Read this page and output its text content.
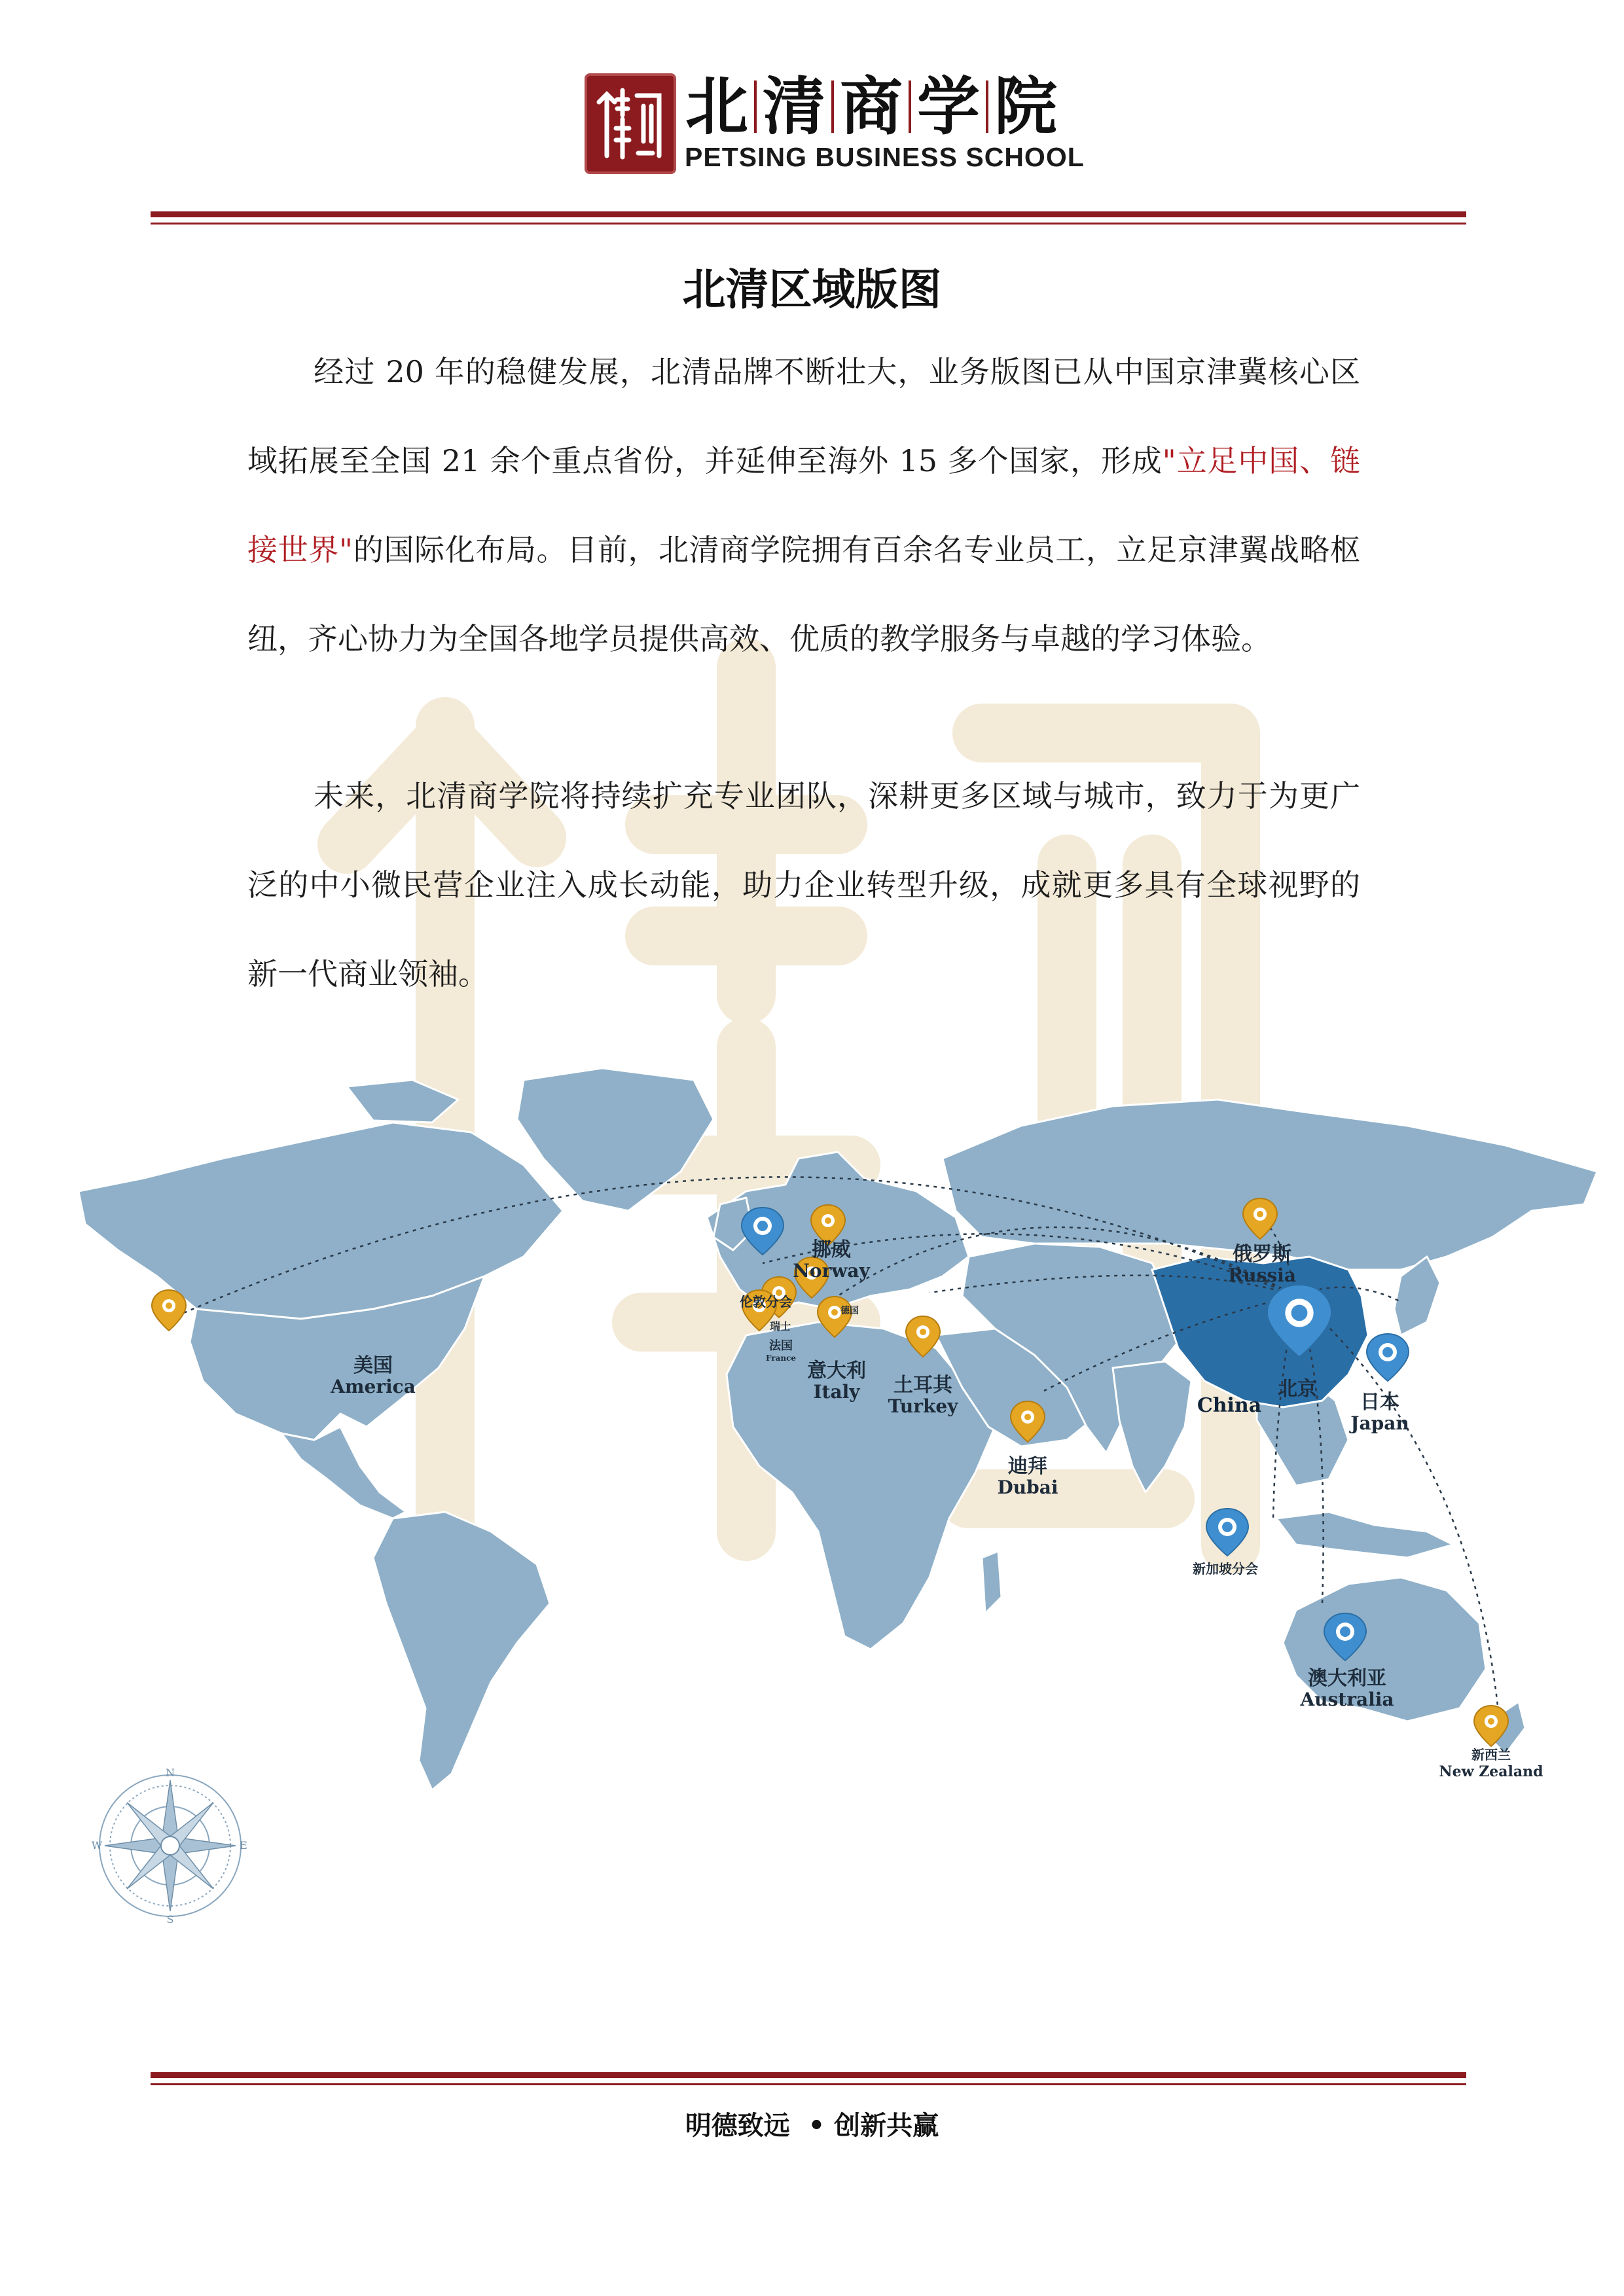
北 清 商 学 院
PETSING BUSINESS SCHOOL
北清区域版图
经过 20 年的稳健发展，北清品牌不断壮大，业务版图已从中国京津冀核心区域拓展至全国 21 余个重点省份，并延伸至海外 15 多个国家，形成"立足中国、链接世界"的国际化布局。目前，北清商学院拥有百余名专业员工，立足京津翼战略枢纽，齐心协力为全国各地学员提供高效、优质的教学服务与卓越的学习体验。
未来，北清商学院将持续扩充专业团队，深耕更多区域与城市，致力于为更广泛的中小微民营企业注入成长动能，助力企业转型升级，成就更多具有全球视野的新一代商业领袖。
China
美国
America
挪威
Norway
伦敦分会
德国
瑞士
法国
France
意大利
Italy	土耳其
Turkey
迪拜
Dubai
俄罗斯
Russia
北京
日本
Japan
新加坡分会
澳大利亚
Australia
新西兰
New Zealand
N
E
S
W
明德致远 • 创新共赢
